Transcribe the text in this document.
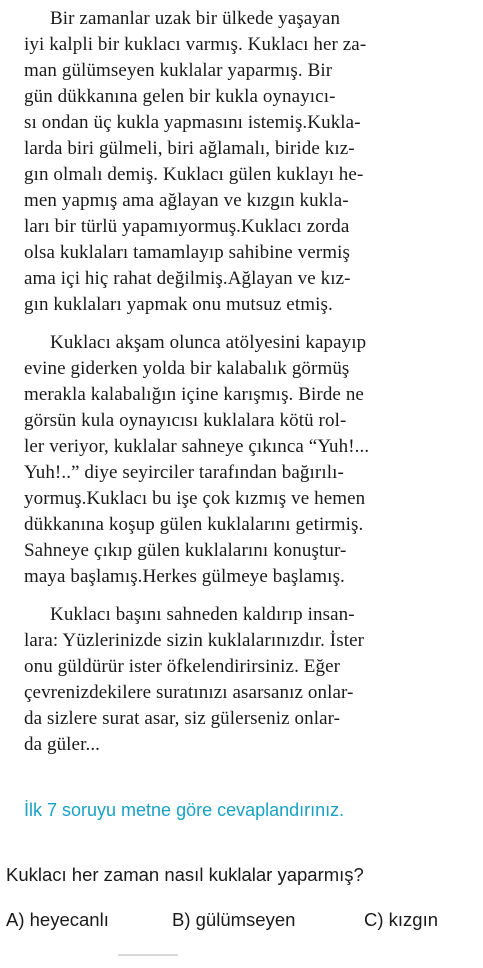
Bir zamanlar uzak bir ülkede yaşayan
iyi kalpli bir kuklacı varmış. Kuklacı her za-
man gülümseyen kuklalar yaparmış. Bir
gün dükkanına gelen bir kukla oynayıcı-
sı ondan üç kukla yapmasını istemiş.Kukla-
larda biri gülmeli, biri ağlamalı, biride kız-
gın olmalı demiş. Kuklacı gülen kuklayı he-
men yapmış ama ağlayan ve kızgın kukla-
ları bir türlü yapamıyormuş.Kuklacı zorda
olsa kuklaları tamamlayıp sahibine vermiş
ama içi hiç rahat değilmiş.Ağlayan ve kız-
gın kuklaları yapmak onu mutsuz etmiş.
Kuklacı akşam olunca atölyesini kapayıp
evine giderken yolda bir kalabalık görmüş
merakla kalabalığın içine karışmış. Birde ne
görsün kula oynayıcısı kuklalara kötü rol-
ler veriyor, kuklalar sahneye çıkınca “Yuh!...
Yuh!..” diye seyirciler tarafından bağırılı-
yormuş.Kuklacı bu işe çok kızmış ve hemen
dükkanına koşup gülen kuklalarını getirmiş.
Sahneye çıkıp gülen kuklalarını konuştur-
maya başlamış.Herkes gülmeye başlamış.
Kuklacı başını sahneden kaldırıp insan-
lara: Yüzlerinizde sizin kuklalarınızdır. İster
onu güldürür ister öfkelendirirsiniz. Eğer
çevrenizdekilere suratınızı asarsanız onlar-
da sizlere surat asar, siz gülerseniz onlar-
da güler...
İlk 7 soruyu metne göre cevaplandırınız.
Kuklacı her zaman nasıl kuklalar yaparmış?
A) heyecanlı	B) gülümseyen	C) kızgın
